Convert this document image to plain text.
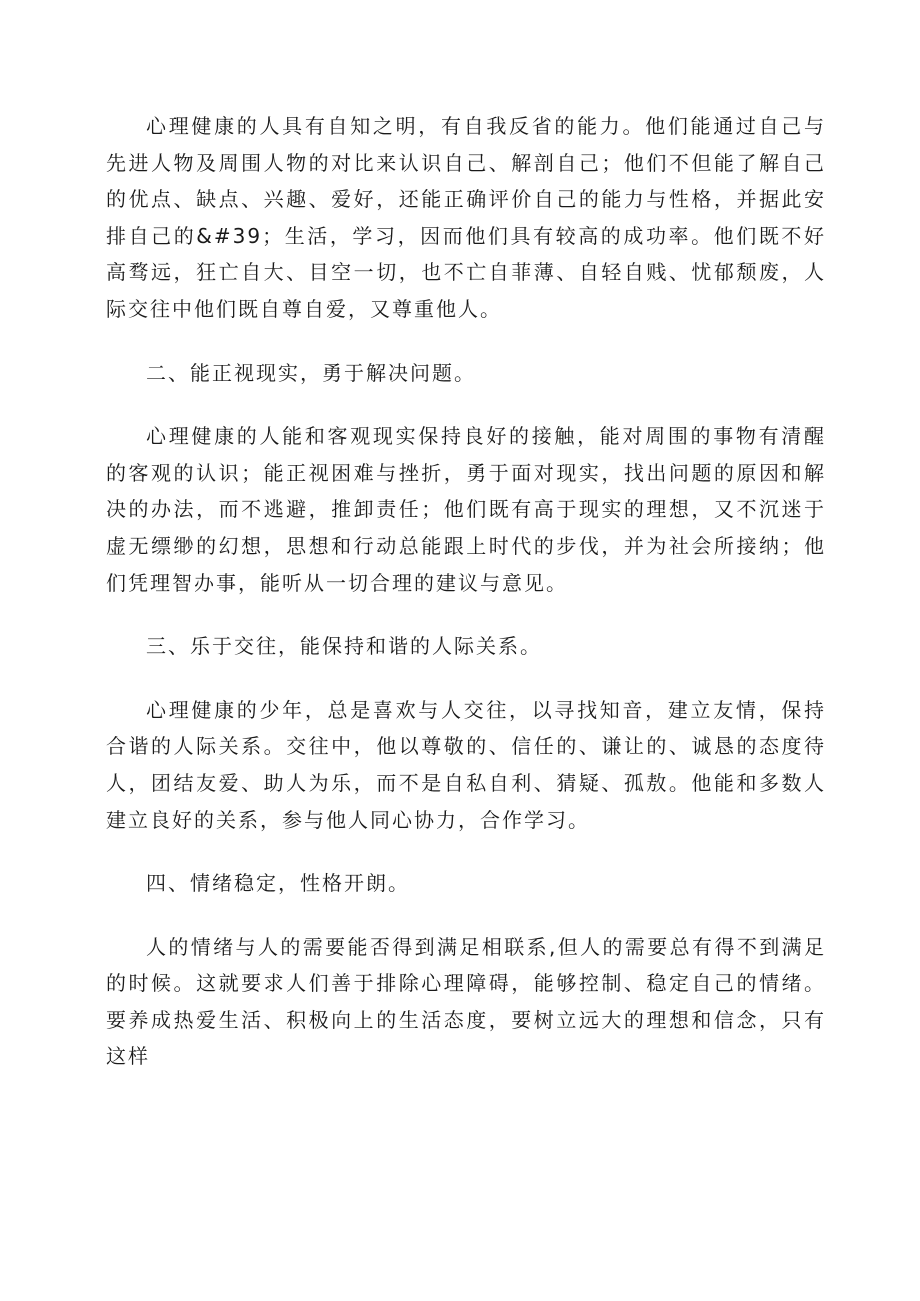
心理健康的人具有自知之明，有自我反省的能力。他们能通过自己与先进人物及周围人物的对比来认识自己、解剖自己；他们不但能了解自己的优点、缺点、兴趣、爱好，还能正确评价自己的能力与性格，并据此安排自己的&#39；生活，学习，因而他们具有较高的成功率。他们既不好高骛远，狂亡自大、目空一切，也不亡自菲薄、自轻自贱、忧郁颓废，人际交往中他们既自尊自爱，又尊重他人。

二、能正视现实，勇于解决问题。

心理健康的人能和客观现实保持良好的接触，能对周围的事物有清醒的客观的认识；能正视困难与挫折，勇于面对现实，找出问题的原因和解决的办法，而不逃避，推卸责任；他们既有高于现实的理想，又不沉迷于虚无缥缈的幻想，思想和行动总能跟上时代的步伐，并为社会所接纳；他们凭理智办事，能听从一切合理的建议与意见。

三、乐于交往，能保持和谐的人际关系。

心理健康的少年，总是喜欢与人交往，以寻找知音，建立友情，保持合谐的人际关系。交往中，他以尊敬的、信任的、谦让的、诚恳的态度待人，团结友爱、助人为乐，而不是自私自利、猜疑、孤敖。他能和多数人建立良好的关系，参与他人同心协力，合作学习。

四、情绪稳定，性格开朗。

人的情绪与人的需要能否得到满足相联系,但人的需要总有得不到满足的时候。这就要求人们善于排除心理障碍，能够控制、稳定自己的情绪。要养成热爱生活、积极向上的生活态度，要树立远大的理想和信念，只有这样
